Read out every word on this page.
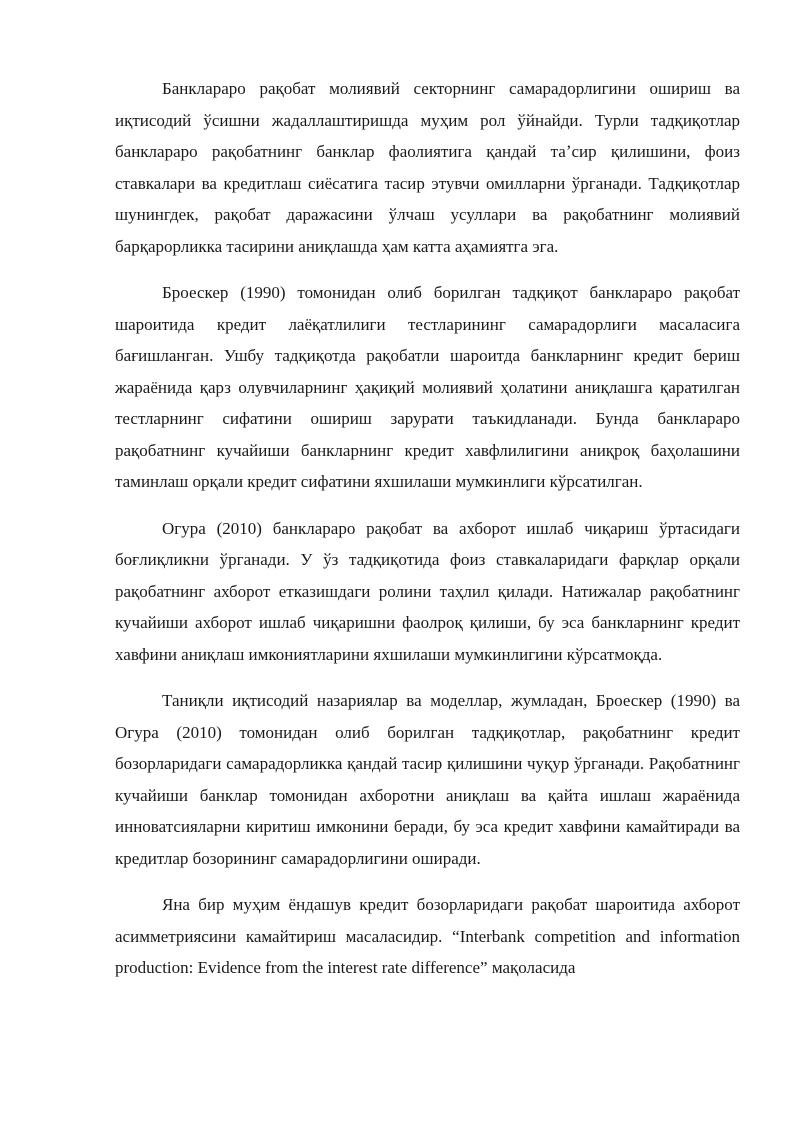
Банклараро рақобат молиявий секторнинг самарадорлигини ошириш ва иқтисодий ўсишни жадаллаштиришда муҳим рол ўйнайди. Турли тадқиқотлар банклараро рақобатнинг банклар фаолиятига қандай таʼсир қилишини, фоиз ставкалари ва кредитлаш сиёсатига тасир этувчи омилларни ўрганади. Тадқиқотлар шунингдек, рақобат даражасини ўлчаш усуллари ва рақобатнинг молиявий барқарорликка тасирини аниқлашда ҳам катта аҳамиятга эга.

Броескер (1990) томонидан олиб борилган тадқиқот банклараро рақобат шароитида кредит лаёқатлилиги тестларининг самарадорлиги масаласига бағишланган. Ушбу тадқиқотда рақобатли шароитда банкларнинг кредит бериш жараёнида қарз олувчиларнинг ҳақиқий молиявий ҳолатини аниқлашга қаратилган тестларнинг сифатини ошириш зарурати таъкидланади. Бунда банклараро рақобатнинг кучайиши банкларнинг кредит хавфлилигини аниқроқ баҳолашини таминлаш орқали кредит сифатини яхшилаши мумкинлиги кўрсатилган.

Огура (2010) банклараро рақобат ва ахборот ишлаб чиқариш ўртасидаги боғлиқликни ўрганади. У ўз тадқиқотида фоиз ставкаларидаги фарқлар орқали рақобатнинг ахборот етказишдаги ролини таҳлил қилади. Натижалар рақобатнинг кучайиши ахборот ишлаб чиқаришни фаолроқ қилиши, бу эса банкларнинг кредит хавфини аниқлаш имкониятларини яхшилаши мумкинлигини кўрсатмоқда.

Таниқли иқтисодий назариялар ва моделлар, жумладан, Броескер (1990) ва Огура (2010) томонидан олиб борилган тадқиқотлар, рақобатнинг кредит бозорларидаги самарадорликка қандай тасир қилишини чуқур ўрганади. Рақобатнинг кучайиши банклар томонидан ахборотни аниқлаш ва қайта ишлаш жараёнида инноватсияларни киритиш имконини беради, бу эса кредит хавфини камайтиради ва кредитлар бозорининг самарадорлигини оширади.

Яна бир муҳим ёндашув кредит бозорларидаги рақобат шароитида ахборот асимметриясини камайтириш масаласидир. “Interbank competition and information production: Evidence from the interest rate difference” мақоласида
